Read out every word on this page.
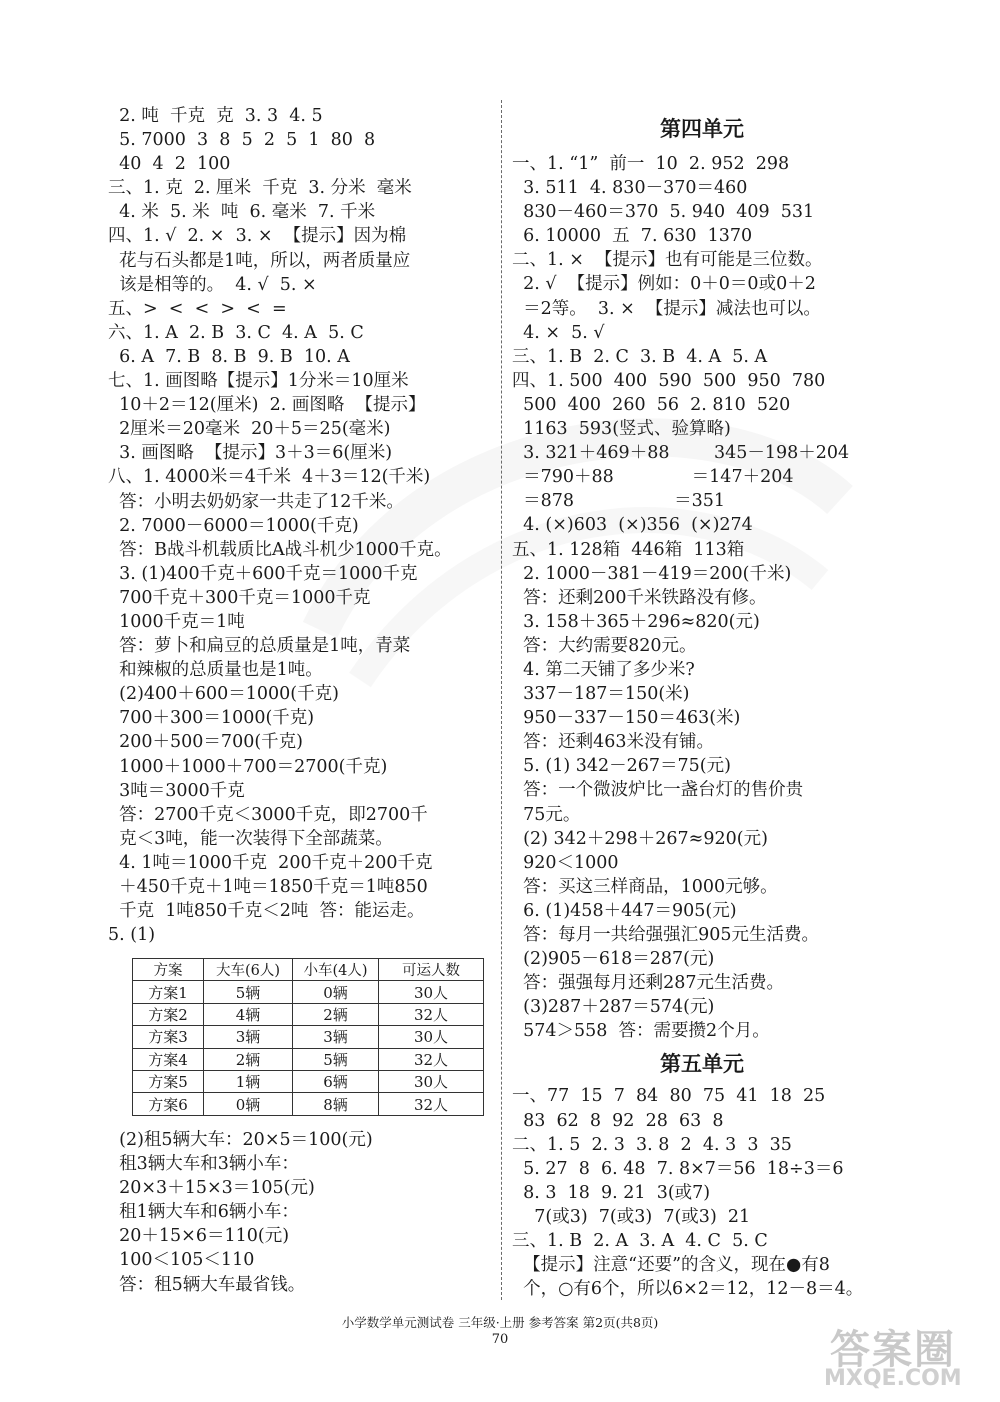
2. 吨  千克  克  3. 3  4. 5
5. 7000  3  8  5  2  5  1  80  8
40  4  2  100
三、1. 克  2. 厘米  千克  3. 分米  毫米
4. 米  5. 米  吨  6. 毫米  7. 千米
四、1. √  2. ×  3. ×  【提示】因为棉
花与石头都是1吨，所以，两者质量应
该是相等的。  4. √  5. ×
五、>  <  <  >  <  =
六、1. A  2. B  3. C  4. A  5. C
6. A  7. B  8. B  9. B  10. A
七、1. 画图略【提示】1分米＝10厘米
10＋2＝12(厘米)  2. 画图略  【提示】
2厘米＝20毫米  20＋5＝25(毫米)
3. 画图略  【提示】3＋3＝6(厘米)
八、1. 4000米＝4千米  4＋3＝12(千米)
答：小明去奶奶家一共走了12千米。
2. 7000－6000＝1000(千克)
答：B战斗机载质比A战斗机少1000千克。
3. (1)400千克＋600千克＝1000千克
700千克＋300千克＝1000千克
1000千克＝1吨
答：萝卜和扁豆的总质量是1吨，青菜
和辣椒的总质量也是1吨。
(2)400＋600＝1000(千克)
700＋300＝1000(千克)
200＋500＝700(千克)
1000＋1000＋700＝2700(千克)
3吨＝3000千克
答：2700千克＜3000千克，即2700千
克＜3吨，能一次装得下全部蔬菜。
4. 1吨＝1000千克  200千克＋200千克
＋450千克＋1吨＝1850千克＝1吨850
千克  1吨850千克＜2吨  答：能运走。
5. (1)
方案	大车(6人)	小车(4人)	可运人数
方案1	5辆	0辆	30人
方案2	4辆	2辆	32人
方案3	3辆	3辆	30人
方案4	2辆	5辆	32人
方案5	1辆	6辆	30人
方案6	0辆	8辆	32人
(2)租5辆大车：20×5＝100(元)
租3辆大车和3辆小车：
20×3＋15×3＝105(元)
租1辆大车和6辆小车：
20＋15×6＝110(元)
100＜105＜110
答：租5辆大车最省钱。
第四单元
一、1. “1”  前一  10  2. 952  298
3. 511  4. 830－370＝460
830－460＝370  5. 940  409  531
6. 10000  五  7. 630  1370
二、1. ×  【提示】也有可能是三位数。
2. √  【提示】例如：0＋0＝0或0＋2
＝2等。  3. ×  【提示】减法也可以。
4. ×  5. √
三、1. B  2. C  3. B  4. A  5. A
四、1. 500  400  590  500  950  780
500  400  260  56  2. 810  520
1163  593(竖式、验算略)
3. 321＋469＋88        345－198＋204
＝790＋88              ＝147＋204
＝878                  ＝351
4. (×)603  (×)356  (×)274
五、1. 128箱  446箱  113箱
2. 1000－381－419＝200(千米)
答：还剩200千米铁路没有修。
3. 158＋365＋296≈820(元)
答：大约需要820元。
4. 第二天铺了多少米?
337－187＝150(米)
950－337－150＝463(米)
答：还剩463米没有铺。
5. (1) 342－267＝75(元)
答：一个微波炉比一盏台灯的售价贵
75元。
(2) 342＋298＋267≈920(元)
920＜1000
答：买这三样商品，1000元够。
6. (1)458＋447＝905(元)
答：每月一共给强强汇905元生活费。
(2)905－618＝287(元)
答：强强每月还剩287元生活费。
(3)287＋287＝574(元)
574＞558  答：需要攒2个月。
第五单元
一、77  15  7  84  80  75  41  18  25
83  62  8  92  28  63  8
二、1. 5  2. 3  3. 8  2  4. 3  3  35
5. 27  8  6. 48  7. 8×7＝56  18÷3＝6
8. 3  18  9. 21  3(或7)
7(或3)  7(或3)  7(或3)  21
三、1. B  2. A  3. A  4. C  5. C
【提示】注意“还要”的含义，现在●有8
个，○有6个，所以6×2＝12，12－8＝4。
小学数学单元测试卷 三年级·上册 参考答案 第2页(共8页)
70	答案圈
MXQE.COM
